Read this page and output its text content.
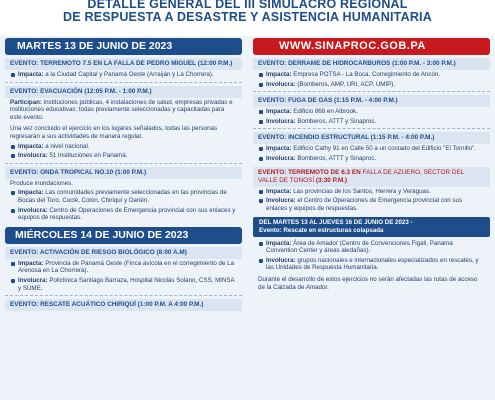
DETALLE GENERAL DEL III SIMULACRO REGIONAL
DE RESPUESTA A DESASTRE Y ASISTENCIA HUMANITARIA
MARTES 13 DE JUNIO DE 2023
EVENTO: TERREMOTO 7.5 EN LA FALLA DE PEDRO MIGUEL (12:00 P.M.)
Impacta: a la Ciudad Capital y Panamá Oeste (Arraiján y La Chorrera).
EVENTO: EVACUACIÓN (12:05 P.M. - 1:00 P.M.)
Participan: instituciones públicas, 4 instalaciones de salud, empresas privadas e instituciones educativas; todas previamente seleccionadas y capacitadas para este evento.
Una vez concluido el ejercicio en los lugares señalados, todas las personas regresarán a sus actividades de manera regular.
Impacta: a nivel nacional.
Involucra: 51 Instituciones en Panamá.
EVENTO: ONDA TROPICAL NO.10 (1:00 P.M.)
Produce inundaciones.
Impacta: Las comunidades previamente seleccionadas en las provincias de Bocas del Toro, Coclé, Colón, Chiriquí y Darién.
Involucra: Centro de Operaciones de Emergencia provincial con sus enlaces y equipos de respuestas.
MIÉRCOLES 14 DE JUNIO DE 2023
EVENTO: ACTIVACIÓN DE RIESGO BIOLÓGICO (8:00 A.M)
Impacta: Provincia de Panamá Oeste (Finca avícola en el corregimiento de La Arenosa en La Chorrera).
Involucra: Policlínica Santiago Barraza, Hospital Nicolás Solano, CSS, MINSA y SUME.
EVENTO: RESCATE ACUÁTICO CHIRIQUÍ (1:00 P.M. A 4:00 P.M.)
WWW.SINAPROC.GOB.PA
EVENTO: DERRAME DE HIDROCARBUROS (1:00 P.M. - 3:00 P.M.)
Impacta: Empresa POTSA - La Boca, Corregimiento de Ancón.
Involucra: (Bomberos, AMP, URI, ACP, UMIP).
EVENTO: FUGA DE GAS (1:15 P.M. - 4:00 P.M.)
Impacta: Edificio 868 en Albrook.
Involucra: Bomberos, ATTT y Sinaproc.
EVENTO: INCENDIO ESTRUCTURAL (1:15 P.M. - 4:00 P.M.)
Impacta: Edificio Cathy 91 en Calle 50 a un costado del Edificio "El Tornillo".
Involucra: Bomberos, ATTT y Sinaproc.
EVENTO: TERREMOTO DE 6.3 EN FALLA DE AZUERO, SECTOR DEL VALLE DE TONOSÍ (3:30 P.M.)
Impacta: Las provincias de los Santos, Herrera y Veraguas.
Involucra: el Centro de Operaciones de Emergencia provincial con sus enlaces y equipos de respuestas.
DEL MARTES 13 AL JUEVES 16 DE JUNIO DE 2023 -
Evento: Rescate en estructuras colapsada
Impacta: Área de Amador (Centro de Convenciones Figali, Panama Convention Center y áreas aledañas).
Involucra: grupos nacionales e internacionales especializados en rescates, y las Unidades de Respuesta Humanitaria.
Durante el desarrollo de estos ejercicios no serán afectadas las rutas de acceso de la Calzada de Amador.
